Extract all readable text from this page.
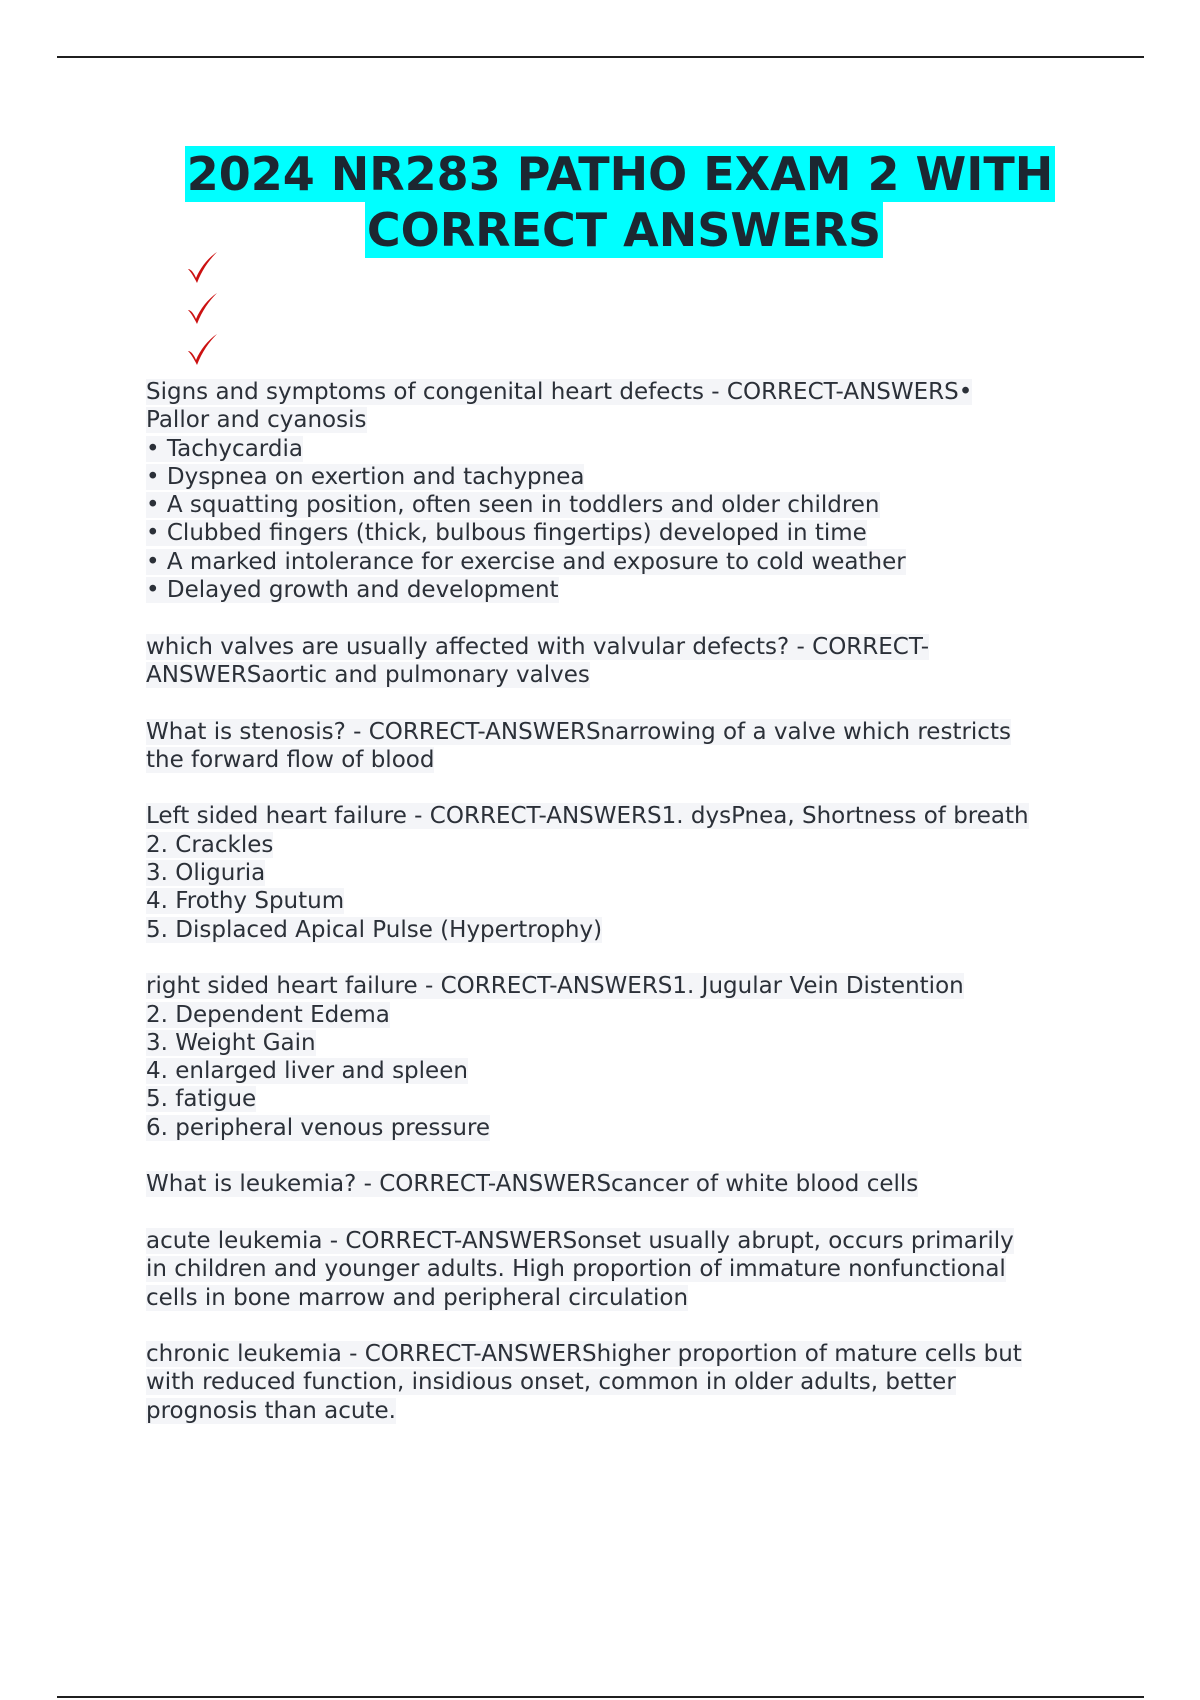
2024 NR283 PATHO EXAM 2 WITH
CORRECT ANSWERS
Signs and symptoms of congenital heart defects - CORRECT-ANSWERS•
Pallor and cyanosis
• Tachycardia
• Dyspnea on exertion and tachypnea
• A squatting position, often seen in toddlers and older children
• Clubbed fingers (thick, bulbous fingertips) developed in time
• A marked intolerance for exercise and exposure to cold weather
• Delayed growth and development
which valves are usually affected with valvular defects? - CORRECT-
ANSWERSaortic and pulmonary valves
What is stenosis? - CORRECT-ANSWERSnarrowing of a valve which restricts
the forward flow of blood
Left sided heart failure - CORRECT-ANSWERS1. dysPnea, Shortness of breath
2. Crackles
3. Oliguria
4. Frothy Sputum
5. Displaced Apical Pulse (Hypertrophy)
right sided heart failure - CORRECT-ANSWERS1. Jugular Vein Distention
2. Dependent Edema
3. Weight Gain
4. enlarged liver and spleen
5. fatigue
6. peripheral venous pressure
What is leukemia? - CORRECT-ANSWERScancer of white blood cells
acute leukemia - CORRECT-ANSWERSonset usually abrupt, occurs primarily
in children and younger adults. High proportion of immature nonfunctional
cells in bone marrow and peripheral circulation
chronic leukemia - CORRECT-ANSWERShigher proportion of mature cells but
with reduced function, insidious onset, common in older adults, better
prognosis than acute.
